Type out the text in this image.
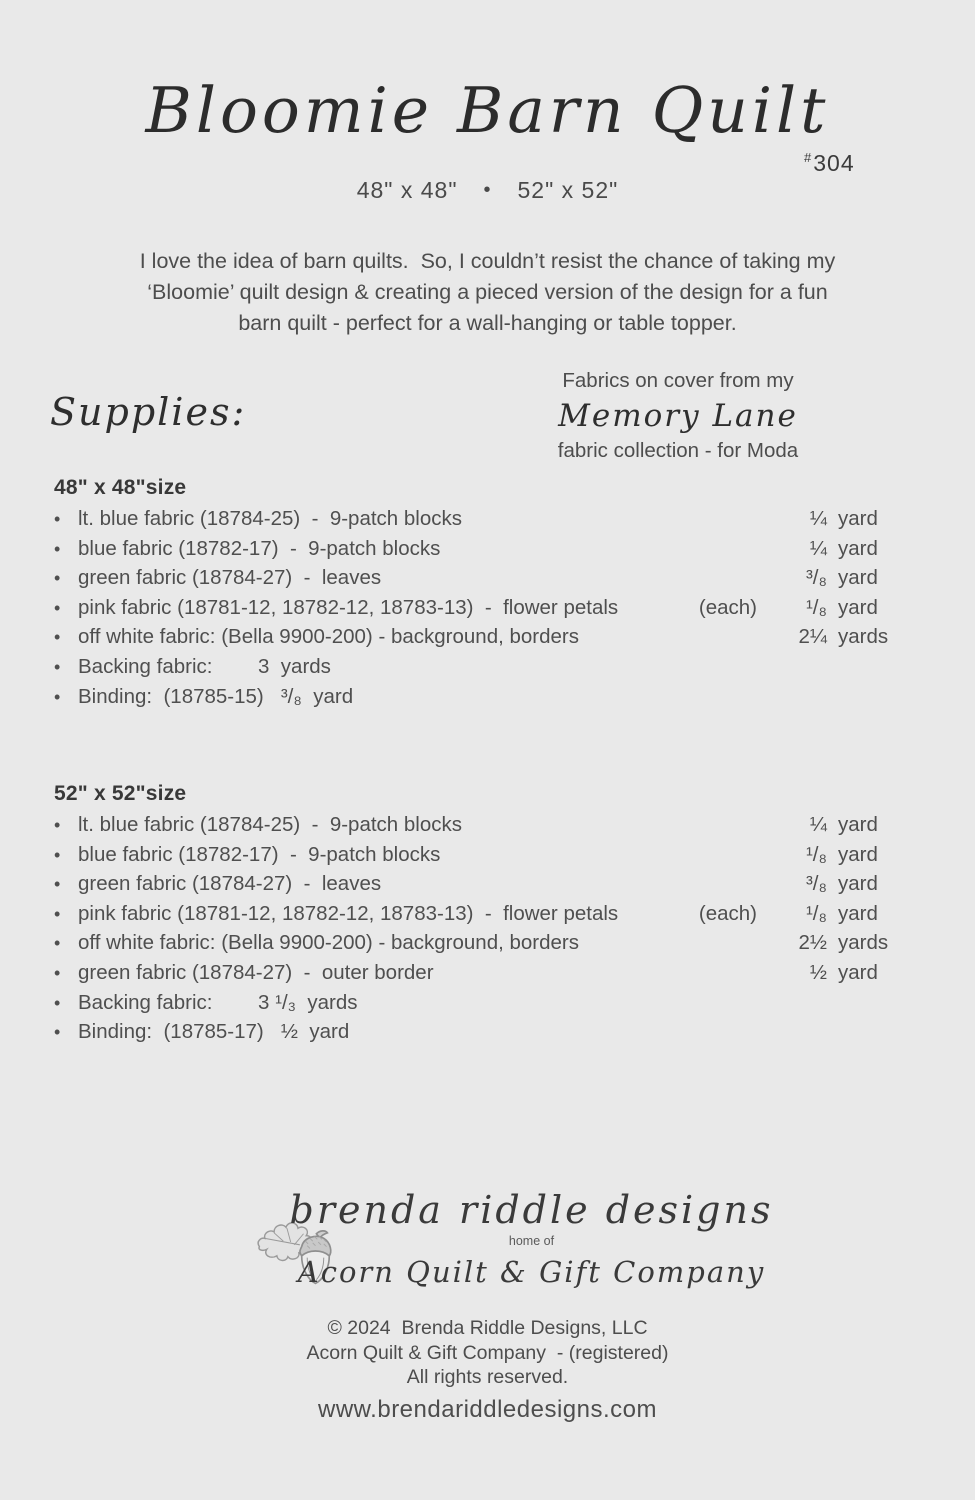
Bloomie Barn Quilt
#304
48" x 48" • 52" x 52"
I love the idea of barn quilts.  So, I couldn’t resist the chance of taking my
‘Bloomie’ quilt design & creating a pieced version of the design for a fun
barn quilt - perfect for a wall-hanging or table topper.
Supplies:
Fabrics on cover from my
Memory Lane
fabric collection - for Moda
48" x 48"size
• lt. blue fabric (18784-25)  -  9-patch blocks	¼ yard
• blue fabric (18782-17)  -  9-patch blocks	¼ yard
• green fabric (18784-27)  -  leaves	³/₈ yard
• pink fabric (18781-12, 18782-12, 18783-13)  -  flower petals	(each)	¹/₈ yard
• off white fabric: (Bella 9900-200) - background, borders	2¼ yards
• Backing fabric:        3  yards
• Binding:  (18785-15)   ³/₈  yard
52" x 52"size
• lt. blue fabric (18784-25)  -  9-patch blocks	¼ yard
• blue fabric (18782-17)  -  9-patch blocks	¹/₈ yard
• green fabric (18784-27)  -  leaves	³/₈ yard
• pink fabric (18781-12, 18782-12, 18783-13)  -  flower petals	(each)	¹/₈ yard
• off white fabric: (Bella 9900-200) - background, borders	2½ yards
• green fabric (18784-27)  -  outer border	½ yard
• Backing fabric:        3 ¹/₃  yards
• Binding:  (18785-17)   ½  yard
brenda riddle designs
home of
Acorn Quilt & Gift Company
© 2024  Brenda Riddle Designs, LLC
Acorn Quilt & Gift Company  - (registered)
All rights reserved.
www.brendariddledesigns.com
